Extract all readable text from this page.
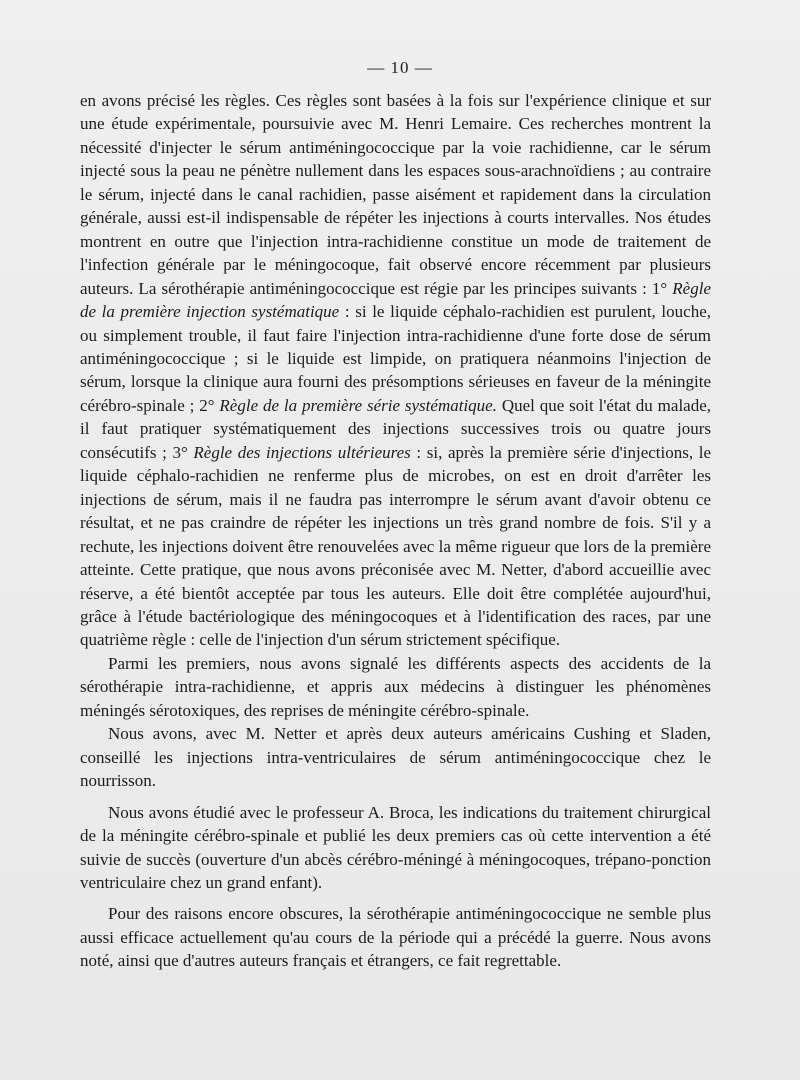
— 10 —

en avons précisé les règles. Ces règles sont basées à la fois sur l'expérience clinique et sur une étude expérimentale, poursuivie avec M. Henri Lemaire. Ces recherches montrent la nécessité d'injecter le sérum antiméningococcique par la voie rachidienne, car le sérum injecté sous la peau ne pénètre nullement dans les espaces sous-arachnoïdiens ; au contraire le sérum, injecté dans le canal rachidien, passe aisément et rapidement dans la circulation générale, aussi est-il indispensable de répéter les injections à courts intervalles. Nos études montrent en outre que l'injection intra-rachidienne constitue un mode de traitement de l'infection générale par le méningocoque, fait observé encore récemment par plusieurs auteurs. La sérothérapie antiméningococcique est régie par les principes suivants : 1° Règle de la première injection systématique : si le liquide céphalo-rachidien est purulent, louche, ou simplement trouble, il faut faire l'injection intra-rachidienne d'une forte dose de sérum antiméningococcique ; si le liquide est limpide, on pratiquera néanmoins l'injection de sérum, lorsque la clinique aura fourni des présomptions sérieuses en faveur de la méningite cérébro-spinale ; 2° Règle de la première série systématique. Quel que soit l'état du malade, il faut pratiquer systématiquement des injections successives trois ou quatre jours consécutifs ; 3° Règle des injections ultérieures : si, après la première série d'injections, le liquide céphalo-rachidien ne renferme plus de microbes, on est en droit d'arrêter les injections de sérum, mais il ne faudra pas interrompre le sérum avant d'avoir obtenu ce résultat, et ne pas craindre de répéter les injections un très grand nombre de fois. S'il y a rechute, les injections doivent être renouvelées avec la même rigueur que lors de la première atteinte. Cette pratique, que nous avons préconisée avec M. Netter, d'abord accueillie avec réserve, a été bientôt acceptée par tous les auteurs. Elle doit être complétée aujourd'hui, grâce à l'étude bactériologique des méningocoques et à l'identification des races, par une quatrième règle : celle de l'injection d'un sérum strictement spécifique.

Parmi les premiers, nous avons signalé les différents aspects des accidents de la sérothérapie intra-rachidienne, et appris aux médecins à distinguer les phénomènes méningés sérotoxiques, des reprises de méningite cérébro-spinale.

Nous avons, avec M. Netter et après deux auteurs américains Cushing et Sladen, conseillé les injections intra-ventriculaires de sérum antiméningococcique chez le nourrisson.

Nous avons étudié avec le professeur A. Broca, les indications du traitement chirurgical de la méningite cérébro-spinale et publié les deux premiers cas où cette intervention a été suivie de succès (ouverture d'un abcès cérébro-méningé à méningocoques, trépano-ponction ventriculaire chez un grand enfant).

Pour des raisons encore obscures, la sérothérapie antiméningococcique ne semble plus aussi efficace actuellement qu'au cours de la période qui a précédé la guerre. Nous avons noté, ainsi que d'autres auteurs français et étrangers, ce fait regrettable.
